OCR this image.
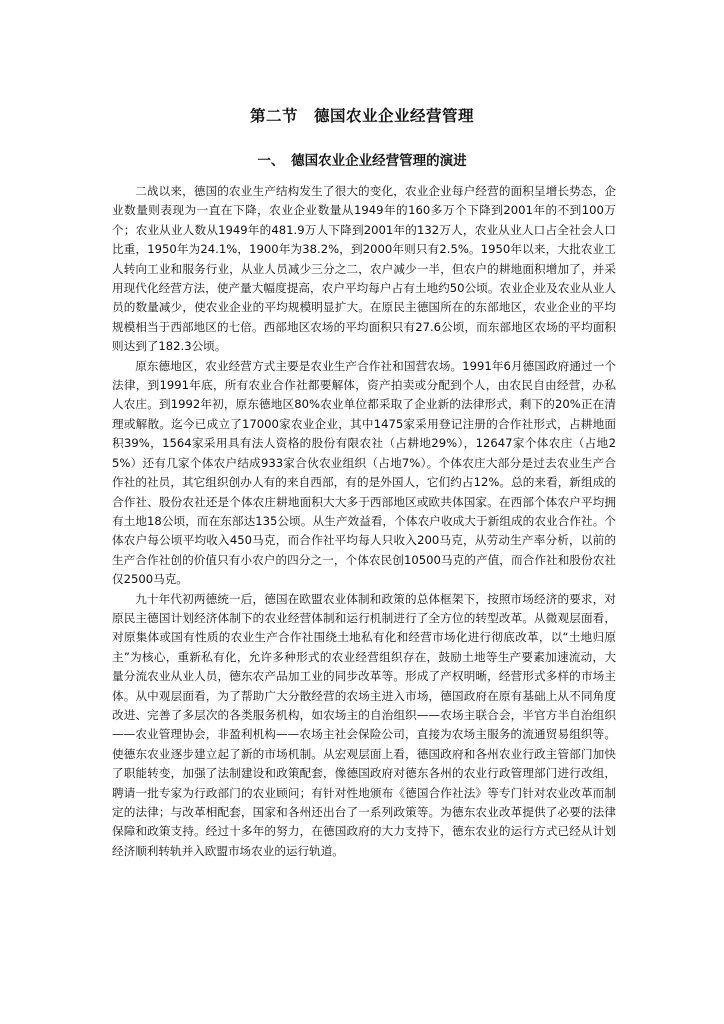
第二节　德国农业企业经营管理
一、　德国农业企业经营管理的演进

二战以来，德国的农业生产结构发生了很大的变化，农业企业每户经营的面积呈增长势态，企业数量则表现为一直在下降，农业企业数量从1949年的160多万个下降到2001年的不到100万个；农业从业人数从1949年的481.9万人下降到2001年的132万人，农业从业人口占全社会人口比重，1950年为24.1%，1900年为38.2%，到2000年则只有2.5%。1950年以来，大批农业工人转向工业和服务行业，从业人员减少三分之二，农户减少一半，但农户的耕地面积增加了，并采用现代化经营方法，使产量大幅度提高，农户平均每户占有土地约50公顷。农业企业及农业从业人员的数量减少，使农业企业的平均规模明显扩大。在原民主德国所在的东部地区，农业企业的平均规模相当于西部地区的七倍。西部地区农场的平均面积只有27.6公顷，而东部地区农场的平均面积则达到了182.3公顷。

原东德地区，农业经营方式主要是农业生产合作社和国营农场。1991年6月德国政府通过一个法律，到1991年底，所有农业合作社都要解体，资产拍卖或分配到个人，由农民自由经营，办私人农庄。到1992年初，原东德地区80%农业单位都采取了企业新的法律形式，剩下的20%正在清理或解散。迄今已成立了17000家农业企业，其中1475家采用登记注册的合作社形式，占耕地面积39%，1564家采用具有法人资格的股份有限农社（占耕地29%），12647家个体农庄（占地25%）还有几家个体农户结成933家合伙农业组织（占地7%）。个体农庄大部分是过去农业生产合作社的社员，其它组织创办人有的来自西部，有的是外国人，它们约占12%。总的来看，新组成的合作社、股份农社还是个体农庄耕地面积大大多于西部地区或欧共体国家。在西部个体农户平均拥有土地18公顷，而在东部达135公顷。从生产效益看，个体农户收成大于新组成的农业合作社。个体农户每公顷平均收入450马克，而合作社平均每人只收入200马克，从劳动生产率分析，以前的生产合作社创的价值只有小农户的四分之一，个体农民创10500马克的产值，而合作社和股份农社仅2500马克。

九十年代初两德统一后，德国在欧盟农业体制和政策的总体框架下，按照市场经济的要求，对原民主德国计划经济体制下的农业经营体制和运行机制进行了全方位的转型改革。从微观层面看，对原集体或国有性质的农业生产合作社围绕土地私有化和经营市场化进行彻底改革，以“土地归原主”为核心，重新私有化，允许多种形式的农业经营组织存在，鼓励土地等生产要素加速流动，大量分流农业从业人员，德东农产品加工业的同步改革等。形成了产权明晰，经营形式多样的市场主体。从中观层面看，为了帮助广大分散经营的农场主进入市场，德国政府在原有基础上从不同角度改进、完善了多层次的各类服务机构，如农场主的自治组织——农场主联合会，半官方半自治组织——农业管理协会，非盈利机构——农场主社会保险公司，直接为农场主服务的流通贸易组织等。使德东农业逐步建立起了新的市场机制。从宏观层面上看，德国政府和各州农业行政主管部门加快了职能转变，加强了法制建设和政策配套，像德国政府对德东各州的农业行政管理部门进行改组，聘请一批专家为行政部门的农业顾问；有针对性地颁布《德国合作社法》等专门针对农业改革而制定的法律；与改革相配套，国家和各州还出台了一系列政策等。为德东农业改革提供了必要的法律保障和政策支持。经过十多年的努力，在德国政府的大力支持下，德东农业的运行方式已经从计划经济顺利转轨并入欧盟市场农业的运行轨道。
